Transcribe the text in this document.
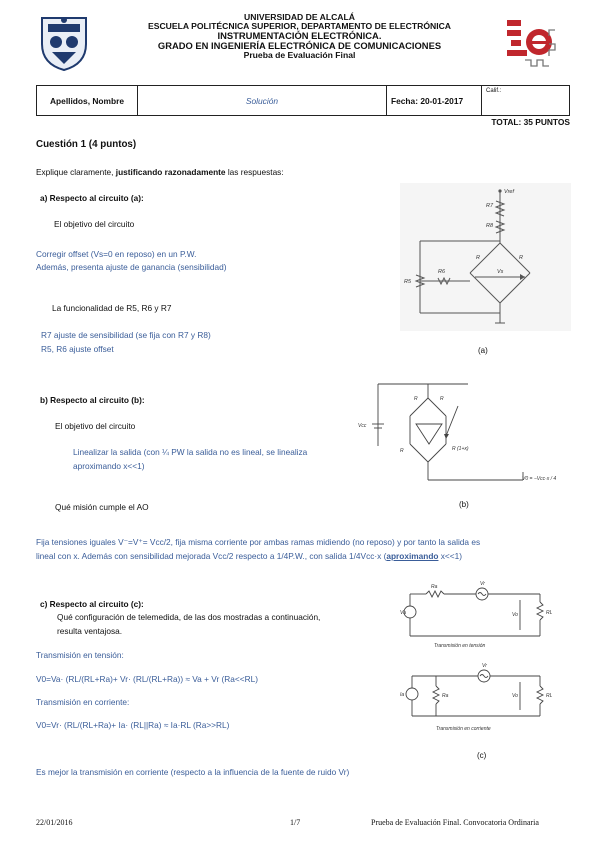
UNIVERSIDAD DE ALCALÁ
ESCUELA POLITÉCNICA SUPERIOR, DEPARTAMENTO DE ELECTRÓNICA
INSTRUMENTACIÓN ELECTRÓNICA.
GRADO EN INGENIERÍA ELECTRÓNICA DE COMUNICACIONES
Prueba de Evaluación Final
Apellidos, Nombre	Solución	Fecha: 20-01-2017	Calif.:
TOTAL: 35 PUNTOS
Cuestión 1 (4 puntos)
Explique claramente, justificando razonadamente las respuestas:
a) Respecto al circuito (a):
El objetivo del circuito
Corregir offset (Vs=0 en reposo) en un P.W.
Además, presenta ajuste de ganancia (sensibilidad)
La funcionalidad de R5, R6 y R7
R7 ajuste de sensibilidad (se fija con R7 y R8)
R5, R6 ajuste offset
Vref
R7
R8
R5
R6
R	R
Vs
(a)
b) Respecto al circuito (b):
El objetivo del circuito
Linealizar la salida (con ¼ PW la salida no es lineal, se linealiza
aproximando x<<1)
Qué misión cumple el AO
Fija tensiones iguales V⁻=V⁺= Vcc/2, fija misma corriente por ambas ramas midiendo (no reposo) y por tanto la salida es
lineal con x. Además con sensibilidad mejorada Vcc/2 respecto a 1/4P.W., con salida 1/4Vcc·x (aproximando x<<1)
Vcc
R	R
R	R (1+x)
V0 = −Vcc·x / 4
(b)
c) Respecto al circuito (c):
Qué configuración de telemedida, de las dos mostradas a continuación,
resulta ventajosa.
Transmisión en tensión:
V0=Va· (RL/(RL+Ra)+ Vr· (RL/(RL+Ra)) ≈ Va + Vr (Ra<<RL)
Transmisión en corriente:
V0=Vr· (RL/(RL+Ra)+ Ia· (RL||Ra) ≈ Ia·RL (Ra>>RL)
Es mejor la transmisión en corriente (respecto a la influencia de la fuente de ruido Vr)
Ra	Vr
Va	RL
Vo
Transmisión en tensión
Vr
Ia	Ra	RL
Vo
Transmisión en corriente
(c)
22/01/2016	1/7	Prueba de Evaluación Final. Convocatoria Ordinaria
